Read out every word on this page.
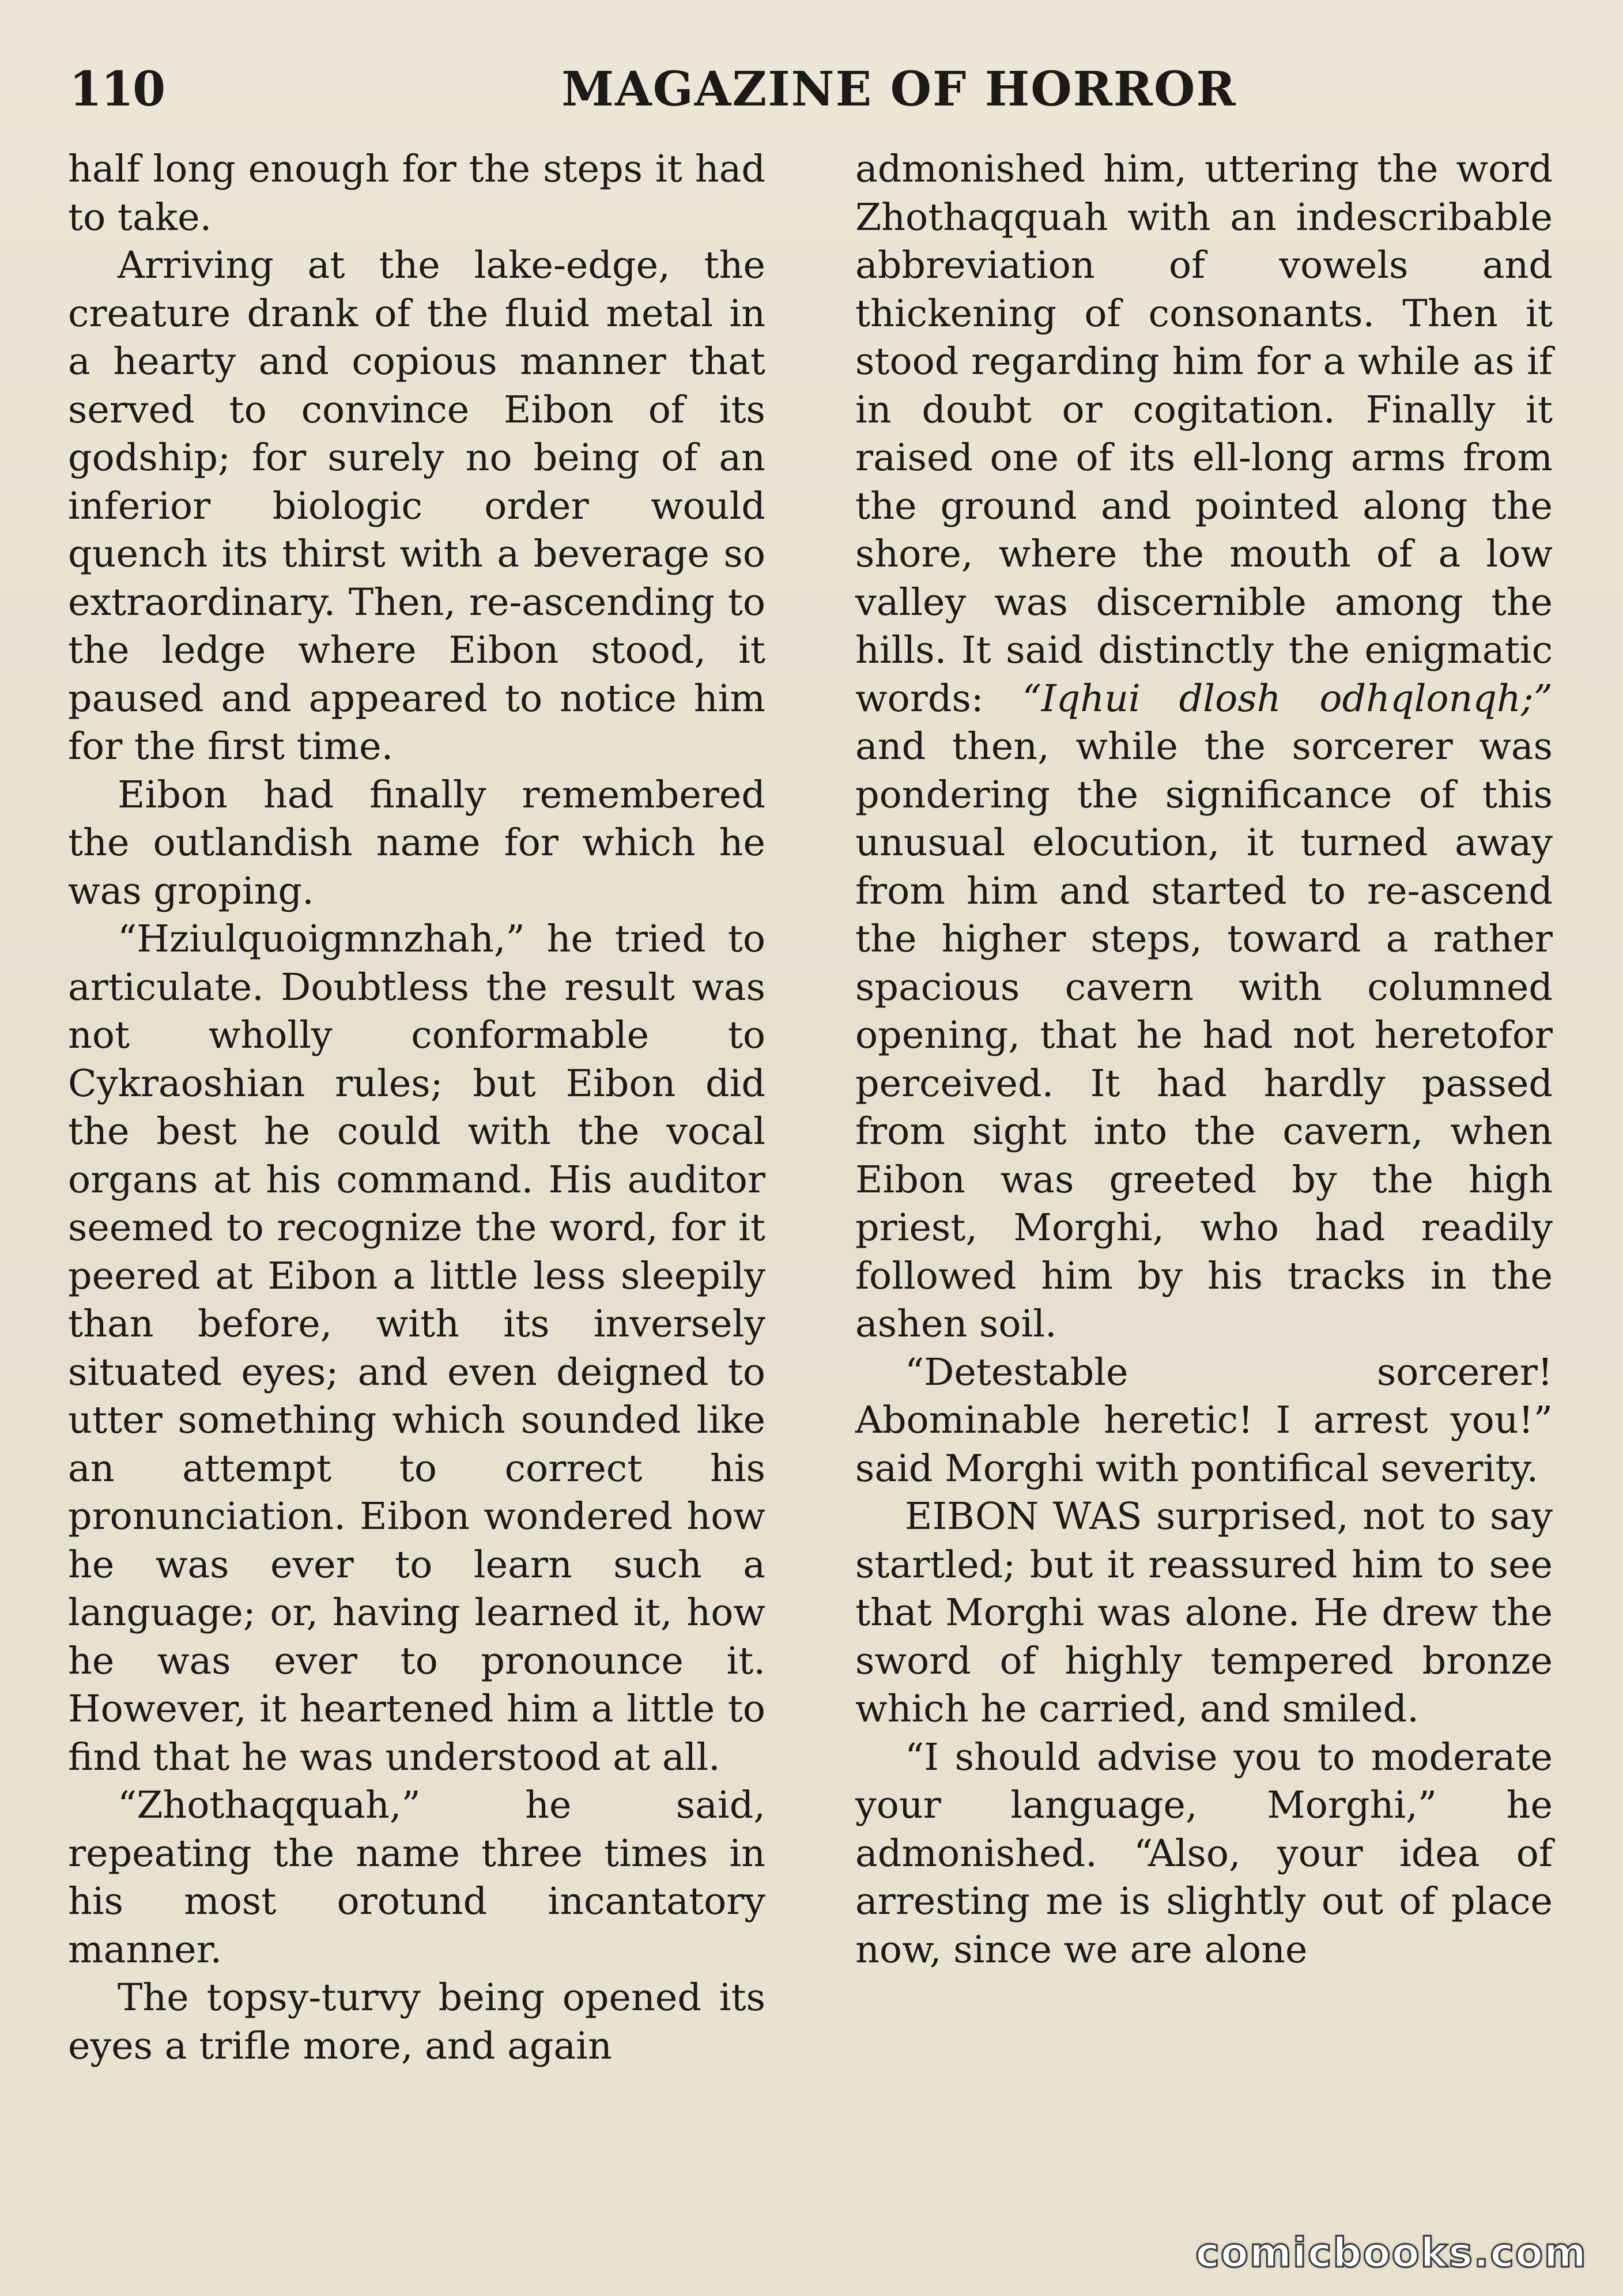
110	MAGAZINE OF HORROR

half long enough for the steps it had to take.

Arriving at the lake-edge, the creature drank of the fluid metal in a hearty and copious manner that served to convince Eibon of its godship; for surely no being of an inferior biologic order would quench its thirst with a beverage so extraordinary. Then, re-ascending to the ledge where Eibon stood, it paused and appeared to notice him for the first time.

Eibon had finally remembered the outlandish name for which he was groping.

“Hziulquoigmnzhah,” he tried to articulate. Doubtless the result was not wholly conformable to Cykraoshian rules; but Eibon did the best he could with the vocal organs at his command. His auditor seemed to recognize the word, for it peered at Eibon a little less sleepily than before, with its inversely situated eyes; and even deigned to utter something which sounded like an attempt to correct his pronunciation. Eibon wondered how he was ever to learn such a language; or, having learned it, how he was ever to pronounce it. However, it heartened him a little to find that he was understood at all.

“Zhothaqquah,” he said, repeating the name three times in his most orotund incantatory manner.

The topsy-turvy being opened its eyes a trifle more, and again

admonished him, uttering the word Zhothaqquah with an indescribable abbreviation of vowels and thickening of consonants. Then it stood regarding him for a while as if in doubt or cogitation. Finally it raised one of its ell-long arms from the ground and pointed along the shore, where the mouth of a low valley was discernible among the hills. It said distinctly the enigmatic words: “Iqhui dlosh odhqlonqh;” and then, while the sorcerer was pondering the significance of this unusual elocution, it turned away from him and started to re-ascend the higher steps, toward a rather spacious cavern with columned opening, that he had not heretofor perceived. It had hardly passed from sight into the cavern, when Eibon was greeted by the high priest, Morghi, who had readily followed him by his tracks in the ashen soil.

“Detestable sorcerer! Abominable heretic! I arrest you!” said Morghi with pontifical severity.

EIBON WAS surprised, not to say startled; but it reassured him to see that Morghi was alone. He drew the sword of highly tempered bronze which he carried, and smiled.

“I should advise you to moderate your language, Morghi,” he admonished. “Also, your idea of arresting me is slightly out of place now, since we are alone

comicbooks.com
